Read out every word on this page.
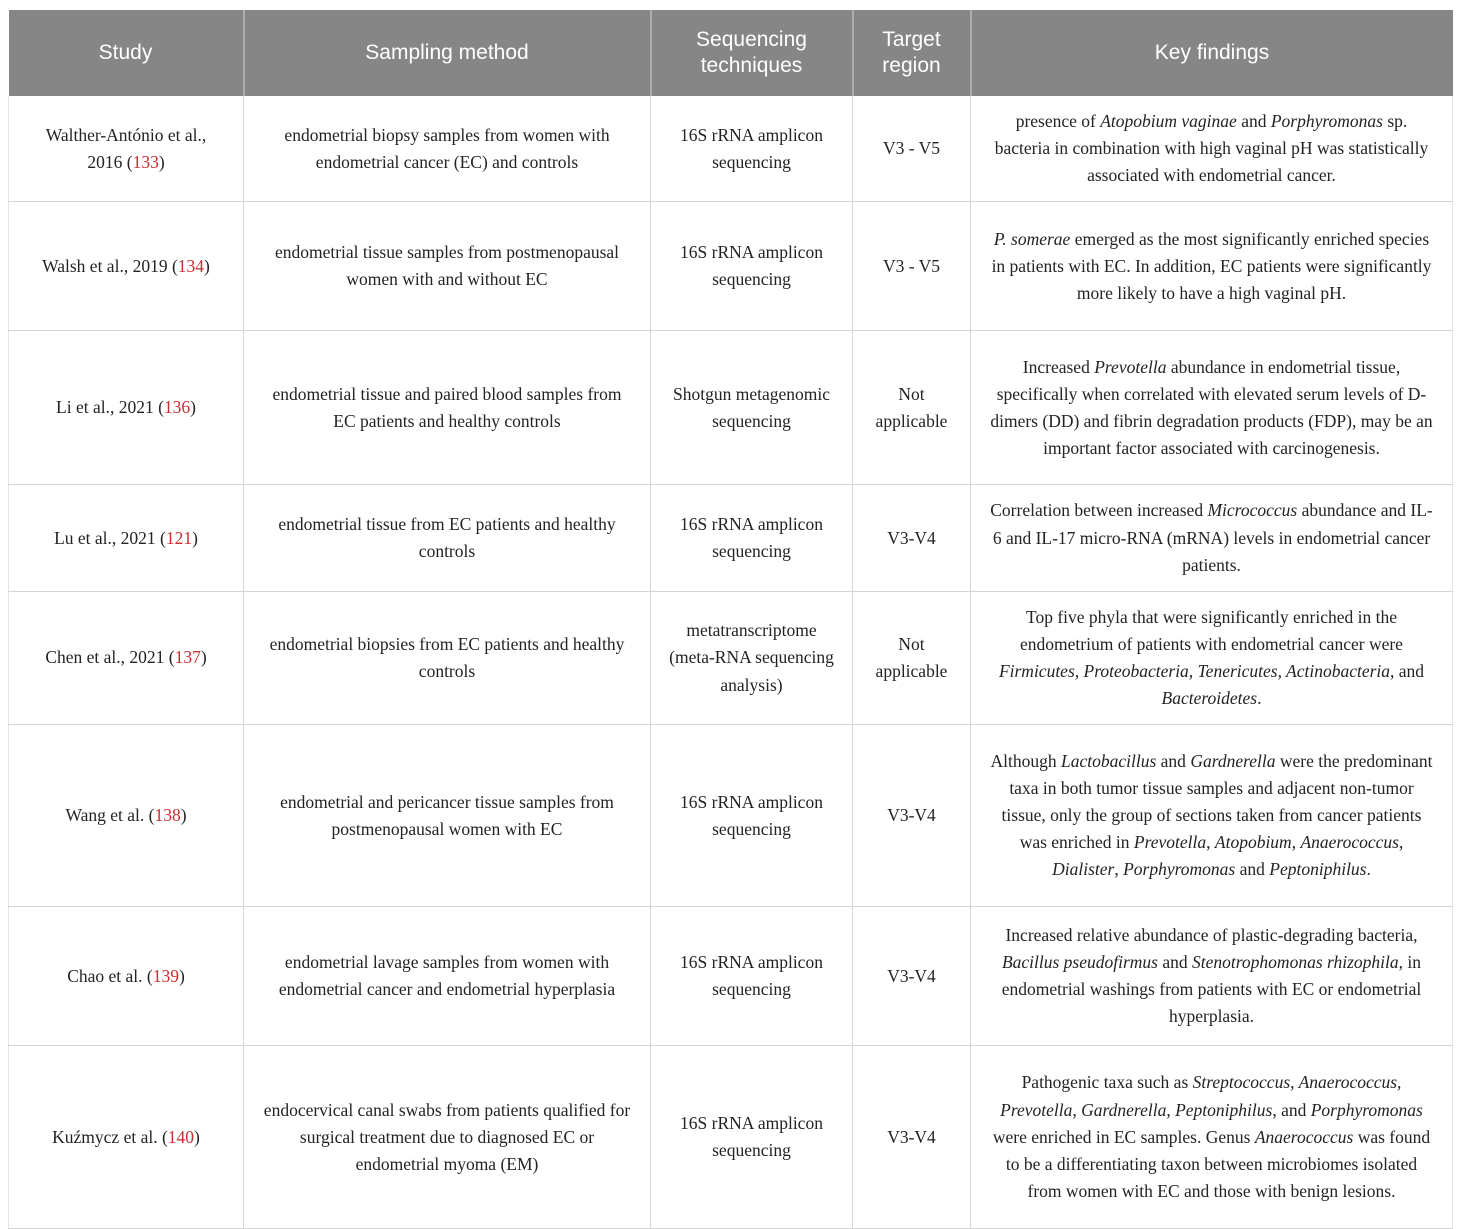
Study	Sampling method	Sequencing techniques	Target region	Key findings
Walther-António et al., 2016 (133)	endometrial biopsy samples from women with endometrial cancer (EC) and controls	16S rRNA amplicon sequencing	V3 - V5	presence of Atopobium vaginae and Porphyromonas sp. bacteria in combination with high vaginal pH was statistically associated with endometrial cancer.
Walsh et al., 2019 (134)	endometrial tissue samples from postmenopausal women with and without EC	16S rRNA amplicon sequencing	V3 - V5	P. somerae emerged as the most significantly enriched species in patients with EC. In addition, EC patients were significantly more likely to have a high vaginal pH.
Li et al., 2021 (136)	endometrial tissue and paired blood samples from EC patients and healthy controls	Shotgun metagenomic sequencing	Not applicable	Increased Prevotella abundance in endometrial tissue, specifically when correlated with elevated serum levels of D-dimers (DD) and fibrin degradation products (FDP), may be an important factor associated with carcinogenesis.
Lu et al., 2021 (121)	endometrial tissue from EC patients and healthy controls	16S rRNA amplicon sequencing	V3-V4	Correlation between increased Micrococcus abundance and IL-6 and IL-17 micro-RNA (mRNA) levels in endometrial cancer patients.
Chen et al., 2021 (137)	endometrial biopsies from EC patients and healthy controls	metatranscriptome (meta-RNA sequencing analysis)	Not applicable	Top five phyla that were significantly enriched in the endometrium of patients with endometrial cancer were Firmicutes, Proteobacteria, Tenericutes, Actinobacteria, and Bacteroidetes.
Wang et al. (138)	endometrial and pericancer tissue samples from postmenopausal women with EC	16S rRNA amplicon sequencing	V3-V4	Although Lactobacillus and Gardnerella were the predominant taxa in both tumor tissue samples and adjacent non-tumor tissue, only the group of sections taken from cancer patients was enriched in Prevotella, Atopobium, Anaerococcus, Dialister, Porphyromonas and Peptoniphilus.
Chao et al. (139)	endometrial lavage samples from women with endometrial cancer and endometrial hyperplasia	16S rRNA amplicon sequencing	V3-V4	Increased relative abundance of plastic-degrading bacteria, Bacillus pseudofirmus and Stenotrophomonas rhizophila, in endometrial washings from patients with EC or endometrial hyperplasia.
Kuźmycz et al. (140)	endocervical canal swabs from patients qualified for surgical treatment due to diagnosed EC or endometrial myoma (EM)	16S rRNA amplicon sequencing	V3-V4	Pathogenic taxa such as Streptococcus, Anaerococcus, Prevotella, Gardnerella, Peptoniphilus, and Porphyromonas were enriched in EC samples. Genus Anaerococcus was found to be a differentiating taxon between microbiomes isolated from women with EC and those with benign lesions.
